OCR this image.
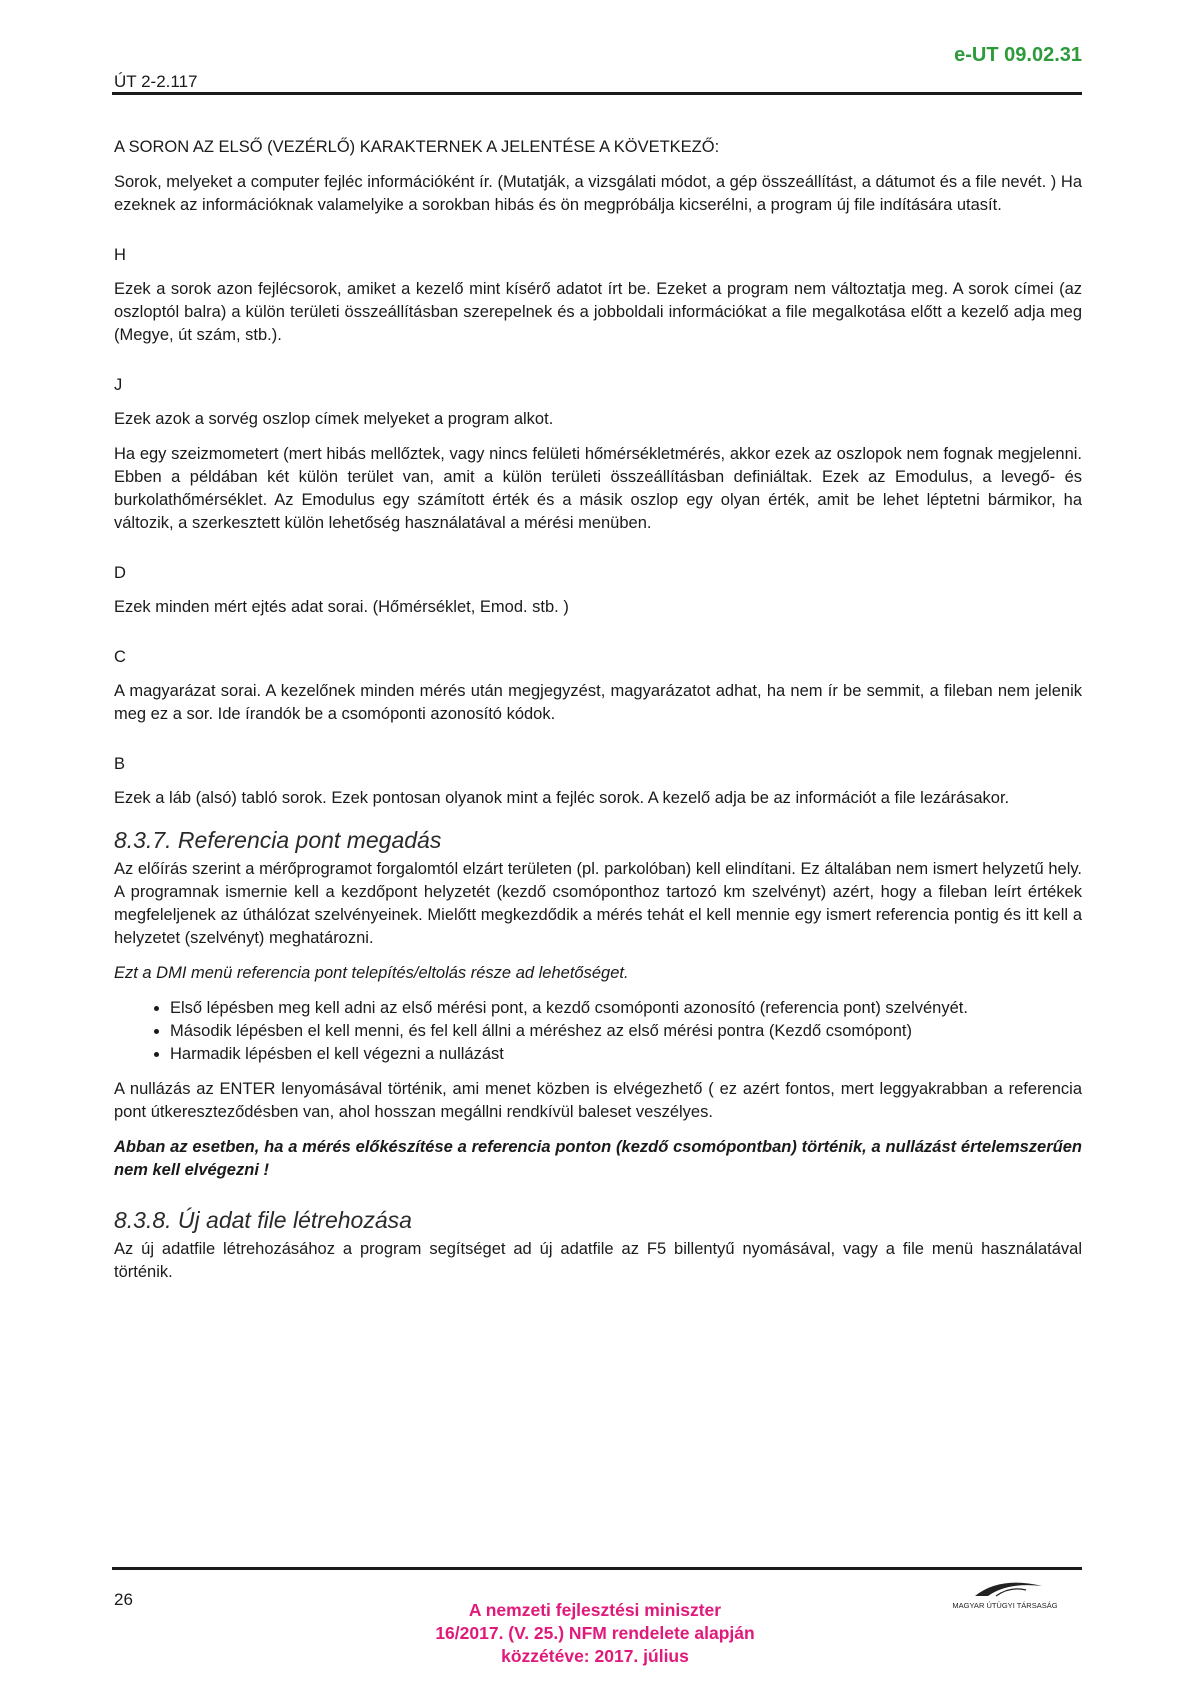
ÚT 2-2.117
e-UT 09.02.31

A SORON AZ ELSŐ (VEZÉRLŐ) KARAKTERNEK A JELENTÉSE A KÖVETKEZŐ:

Sorok, melyeket a computer fejléc információként ír. (Mutatják, a vizsgálati módot, a gép összeállítást, a dátumot és a file nevét. ) Ha ezeknek az információknak valamelyike a sorokban hibás és ön megpróbálja kicserélni, a program új file indítására utasít.

H

Ezek a sorok azon fejlécsorok, amiket a kezelő mint kísérő adatot írt be. Ezeket a program nem változtatja meg. A sorok címei (az oszloptól balra) a külön területi összeállításban szerepelnek és a jobboldali információkat a file megalkotása előtt a kezelő adja meg (Megye, út szám, stb.).

J

Ezek azok a sorvég oszlop címek melyeket a program alkot.

Ha egy szeizmometert (mert hibás mellőztek, vagy nincs felületi hőmérsékletmérés, akkor ezek az oszlopok nem fognak megjelenni. Ebben a példában két külön terület van, amit a külön területi összeállításban definiáltak. Ezek az Emodulus, a levegő- és burkolathőmérséklet. Az Emodulus egy számított érték és a másik oszlop egy olyan érték, amit be lehet léptetni bármikor, ha változik, a szerkesztett külön lehetőség használatával a mérési menüben.

D

Ezek minden mért ejtés adat sorai. (Hőmérséklet, Emod. stb. )

C

A magyarázat sorai. A kezelőnek minden mérés után megjegyzést, magyarázatot adhat, ha nem ír be semmit, a fileban nem jelenik meg ez a sor. Ide írandók be a csomóponti azonosító kódok.

B

Ezek a láb (alsó) tabló sorok. Ezek pontosan olyanok mint a fejléc sorok. A kezelő adja be az információt a file lezárásakor.

8.3.7. Referencia pont megadás

Az előírás szerint a mérőprogramot forgalomtól elzárt területen (pl. parkolóban) kell elindítani. Ez általában nem ismert helyzetű hely. A programnak ismernie kell a kezdőpont helyzetét (kezdő csomóponthoz tartozó km szelvényt) azért, hogy a fileban leírt értékek megfeleljenek az úthálózat szelvényeinek. Mielőtt megkezdődik a mérés tehát el kell mennie egy ismert referencia pontig és itt kell a helyzetet (szelvényt) meghatározni.

Ezt a DMI menü referencia pont telepítés/eltolás része ad lehetőséget.

• Első lépésben meg kell adni az első mérési pont, a kezdő csomóponti azonosító (referencia pont) szelvényét.
• Második lépésben el kell menni, és fel kell állni a méréshez az első mérési pontra (Kezdő csomópont)
• Harmadik lépésben el kell végezni a nullázást

A nullázás az ENTER lenyomásával történik, ami menet közben is elvégezhető ( ez azért fontos, mert leggyakrabban a referencia pont útkereszteződésben van, ahol hosszan megállni rendkívül baleset veszélyes.

Abban az esetben, ha a mérés előkészítése a referencia ponton (kezdő csomópontban) történik, a nullázást értelemszerűen nem kell elvégezni !

8.3.8. Új adat file létrehozása

Az új adatfile létrehozásához a program segítséget ad új adatfile az F5 billentyű nyomásával, vagy a file menü használatával történik.

26	MAGYAR ÚTÜGYI TÁRSASÁG
A nemzeti fejlesztési miniszter
16/2017. (V. 25.) NFM rendelete alapján
közzétéve: 2017. július
